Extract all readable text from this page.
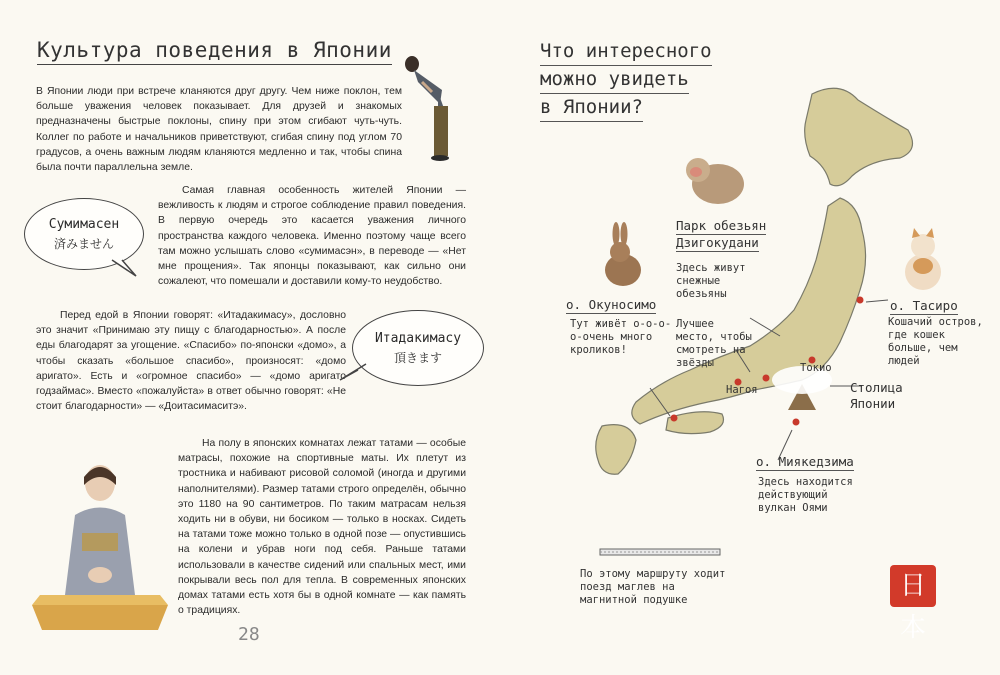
Культура поведения в Японии
В Японии люди при встрече кланяются друг другу. Чем ниже поклон, тем больше уважения человек показывает. Для друзей и знакомых предназначены быстрые поклоны, спину при этом сгибают чуть-чуть. Коллег по работе и начальников приветствуют, сгибая спину под углом 70 градусов, а очень важным людям кланяются медленно и так, чтобы спина была почти параллельна земле.
Сумимасен
済みません
Самая главная особенность жителей Японии — вежливость к людям и строгое соблюдение правил поведения. В первую очередь это касается уважения личного пространства каждого человека. Именно поэтому чаще всего там можно услышать слово «сумимасэн», в переводе — «Нет мне прощения». Так японцы показывают, как сильно они сожалеют, что помешали и доставили кому-то неудобство.
Перед едой в Японии говорят: «Итадакимасу», дословно это значит «Принимаю эту пищу с благодарностью». А после еды благодарят за угощение. «Спасибо» по-японски «домо», а чтобы сказать «большое спасибо», произносят: «домо аригато». Есть и «огромное спасибо» — «домо аригато годзаймас». Вместо «пожалуйста» в ответ обычно говорят: «Не стоит благодарности» — «Доитасимаситэ».
Итадакимасу
頂きます
На полу в японских комнатах лежат татами — особые матрасы, похожие на спортивные маты. Их плетут из тростника и набивают рисовой соломой (иногда и другими наполнителями). Размер татами строго определён, обычно это 1180 на 90 сантиметров. По таким матрасам нельзя ходить ни в обуви, ни босиком — только в носках. Сидеть на татами тоже можно только в одной позе — опустившись на колени и убрав ноги под себя. Раньше татами использовали в качестве сидений или спальных мест, ими покрывали весь пол для тепла. В современных японских домах татами есть хотя бы в одной комнате — как память о традициях.
28
Что интересного
можно увидеть
в Японии?
Парк обезьян
Дзигокудани
Здесь живут снежные обезьяны
о. Окуносимо
Тут живёт о-о-о-о-очень много кроликов!
Лучшее место, чтобы смотреть на звёзды
о. Тасиро
Кошачий остров, где кошек больше, чем людей
Токио
Нагоя	Столица Японии
о. Миякедзима
Здесь находится действующий вулкан Оями
По этому маршруту ходит поезд маглев на магнитной подушке	日本
